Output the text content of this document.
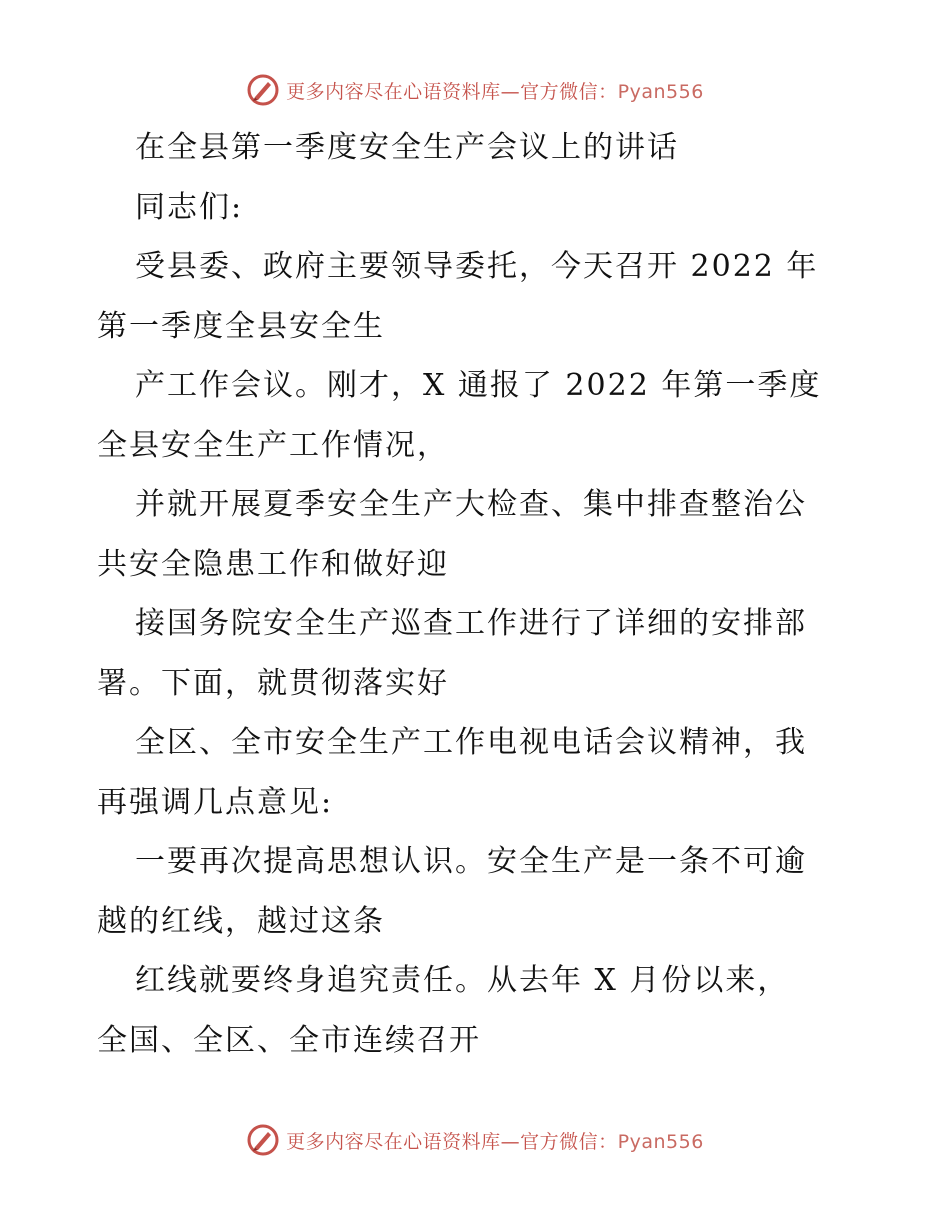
更多内容尽在心语资料库—官方微信：Pyan556
在全县第一季度安全生产会议上的讲话
同志们:
受县委、政府主要领导委托，今天召开 2022 年
第一季度全县安全生
产工作会议。刚才，X 通报了 2022 年第一季度
全县安全生产工作情况，
并就开展夏季安全生产大检查、集中排查整治公
共安全隐患工作和做好迎
接国务院安全生产巡查工作进行了详细的安排部
署。下面，就贯彻落实好
全区、全市安全生产工作电视电话会议精神，我
再强调几点意见:
一要再次提高思想认识。安全生产是一条不可逾
越的红线，越过这条
红线就要终身追究责任。从去年 X 月份以来，
全国、全区、全市连续召开
更多内容尽在心语资料库—官方微信：Pyan556
